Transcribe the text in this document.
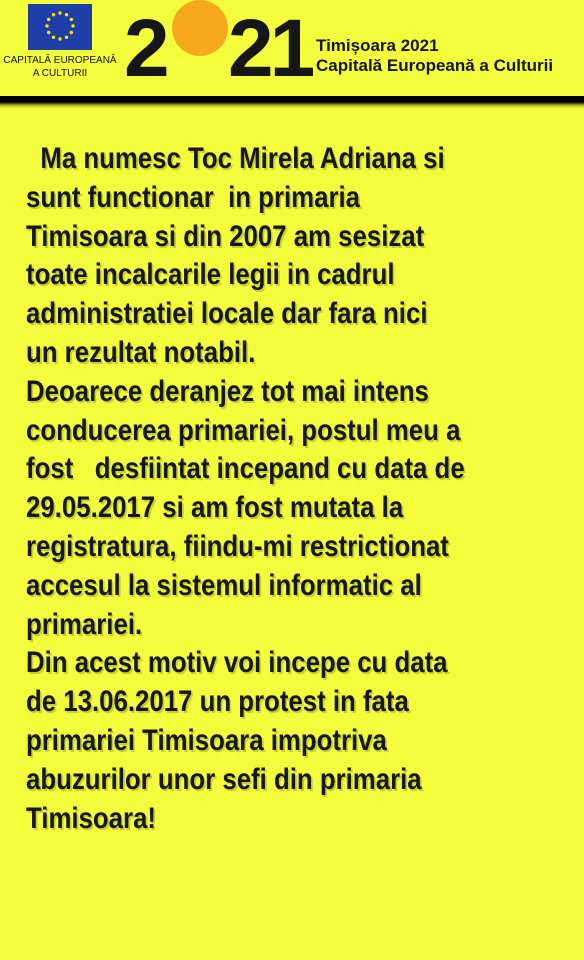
CAPITALĂ EUROPEANĂ
A CULTURII 2 21 Timișoara 2021
Capitală Europeană a Culturii
Ma numesc Toc Mirela Adriana si
sunt functionar  in primaria
Timisoara si din 2007 am sesizat
toate incalcarile legii in cadrul
administratiei locale dar fara nici
un rezultat notabil.
Deoarece deranjez tot mai intens
conducerea primariei, postul meu a
fost   desfiintat incepand cu data de
29.05.2017 si am fost mutata la
registratura, fiindu-mi restrictionat
accesul la sistemul informatic al
primariei.
Din acest motiv voi incepe cu data
de 13.06.2017 un protest in fata
primariei Timisoara impotriva
abuzurilor unor sefi din primaria
Timisoara!
